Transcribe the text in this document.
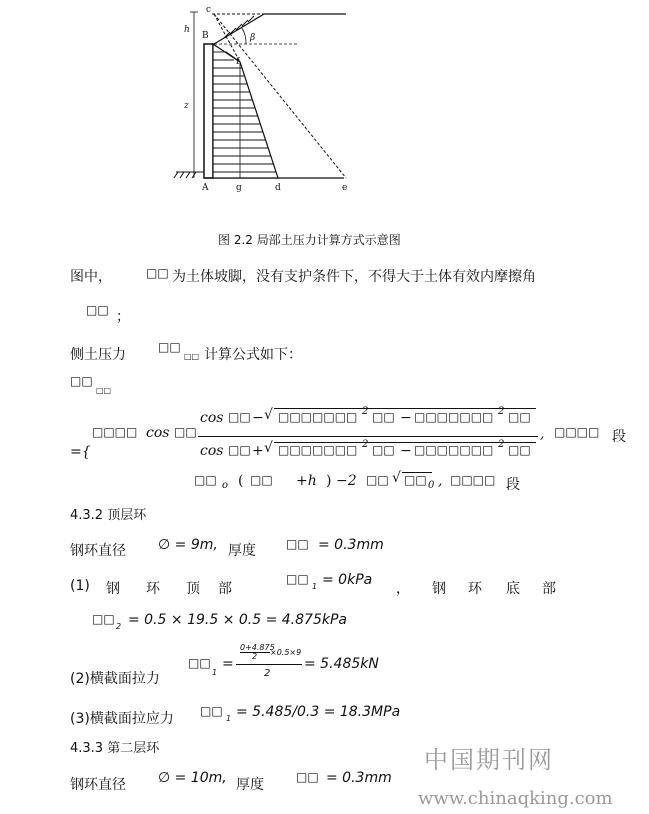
c
h
B	β
f
z
A	g	d	e
图 2.2 局部土压力计算方式示意图
图中，	□□ 为土体坡脚，没有支护条件下，不得大于土体有效内摩擦角
□□ ；
侧土压力	□□
□□ 计算公式如下：
□□
□□
={
□□□□ cos □□
cos □□ − √ □□□□□□□ 2 □□ − □□□□□□□ 2 □□
cos □□ + √ □□□□□□□ 2 □□ − □□□□□□□ 2 □□
, □□□□ 段
□□ o ( □□ +h ) −2 □□ √ □□ 0 , □□□□ 段
4.3.2 顶层环
钢环直径 ∅ = 9m, 厚度	□□ = 0.3mm
(1) 钢 环 顶 部
□□
1 = 0kPa
， 钢 环 底 部
□□
2 = 0.5 × 19.5 × 0.5 = 4.875kPa
(2)横截面拉力
□□
1
=
0+4.875
2 ×0.5×9
2
= 5.485kN
(3)横截面拉应力 □□
1 = 5.485/0.3 = 18.3MPa
4.3.3 第二层环
钢环直径 ∅ = 10m, 厚度	□□ = 0.3mm
中国期刊网
www.chinaqking.com
